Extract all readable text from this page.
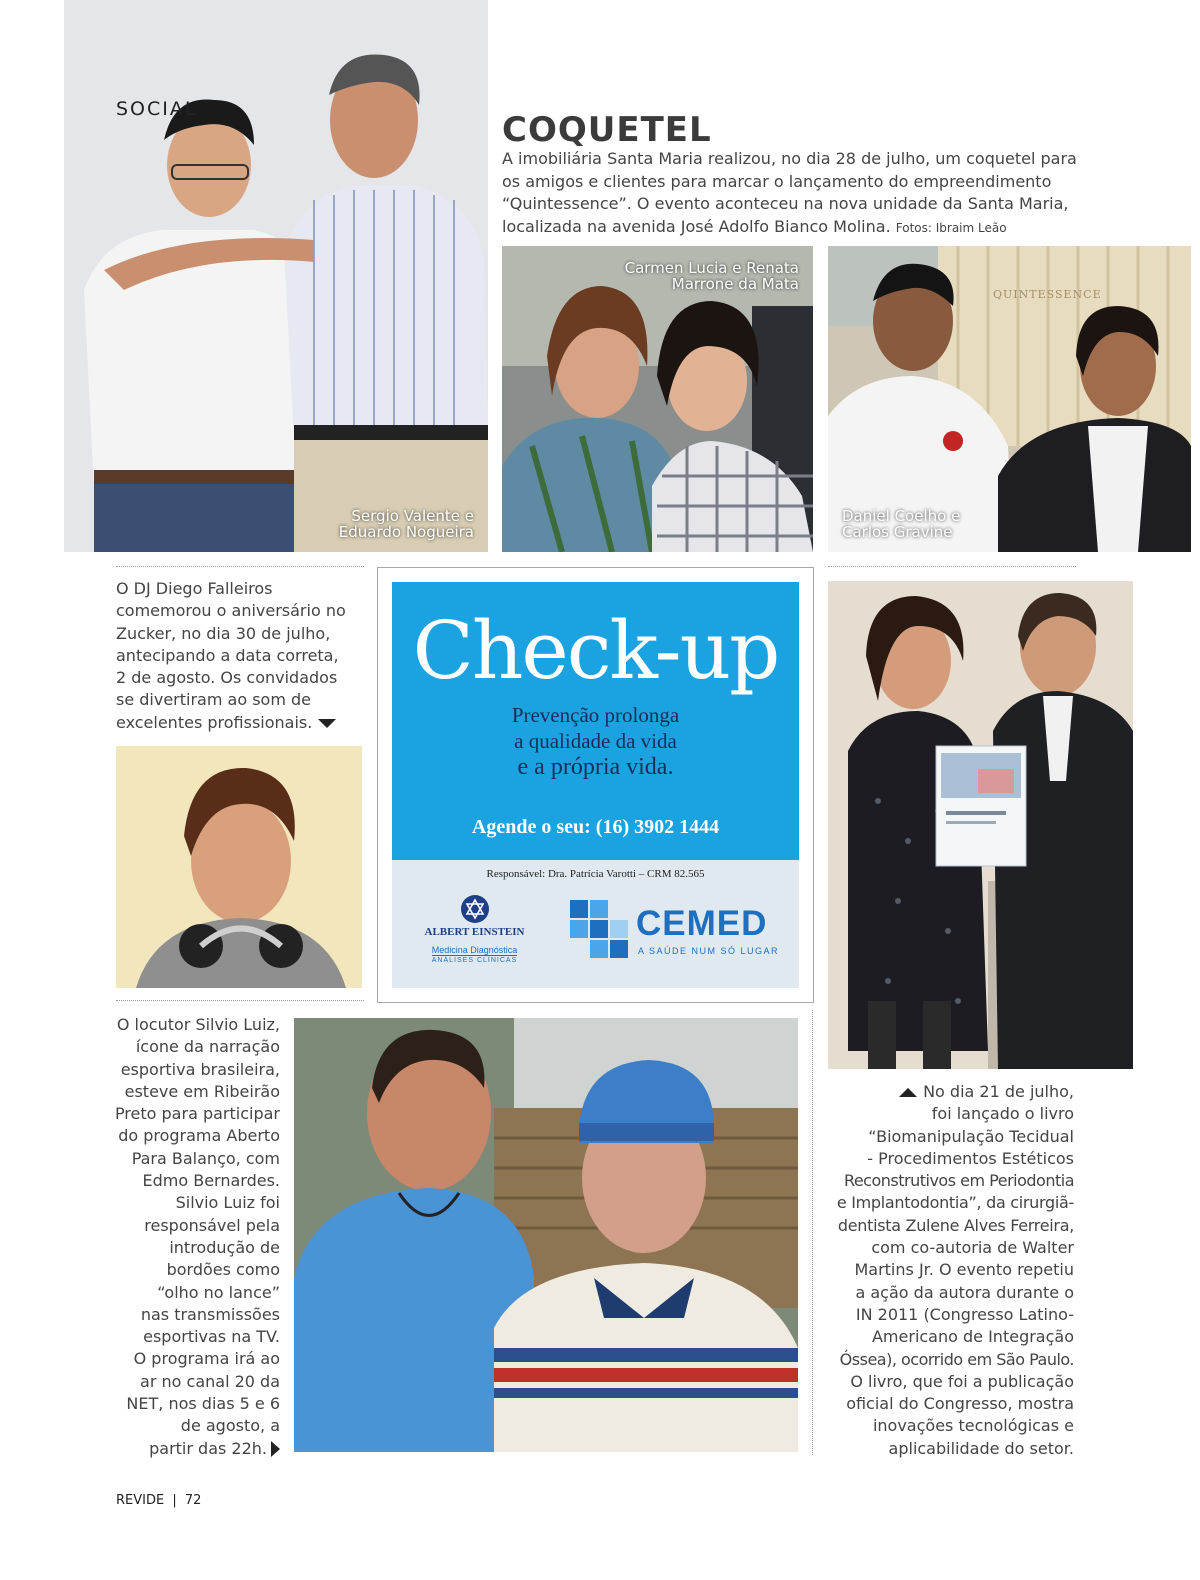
Sergio Valente e
Eduardo Nogueira
SOCIAL
COQUETEL
A imobiliária Santa Maria realizou, no dia 28 de julho, um coquetel para
os amigos e clientes para marcar o lançamento do empreendimento
“Quintessence”. O evento aconteceu na nova unidade da Santa Maria,
localizada na avenida José Adolfo Bianco Molina. Fotos: Ibraim Leão
Carmen Lucia e Renata
Marrone da Mata
QUINTESSENCE
Daniel Coelho e
Carlos Gravine
O DJ Diego Falleiros
comemorou o aniversário no
Zucker, no dia 30 de julho,
antecipando a data correta,
2 de agosto. Os convidados
se divertiram ao som de
excelentes profissionais.
Check-up
Prevenção prolonga
a qualidade da vida
e a própria vida.
Agende o seu: (16) 3902 1444
Responsável: Dra. Patrícia Varotti – CRM 82.565
ALBERT EINSTEIN
Medicina Diagnóstica
ANÁLISES CLÍNICAS
CEMED
A SAÚDE NUM SÓ LUGAR
No dia 21 de julho,
foi lançado o livro
“Biomanipulação Tecidual
- Procedimentos Estéticos
Reconstrutivos em Periodontia
e Implantodontia”, da cirurgiã-
dentista Zulene Alves Ferreira,
com co-autoria de Walter
Martins Jr. O evento repetiu
a ação da autora durante o
IN 2011 (Congresso Latino-
Americano de Integração
Óssea), ocorrido em São Paulo.
O livro, que foi a publicação
oficial do Congresso, mostra
inovações tecnológicas e
aplicabilidade do setor.
O locutor Silvio Luiz,
ícone da narração
esportiva brasileira,
esteve em Ribeirão
Preto para participar
do programa Aberto
Para Balanço, com
Edmo Bernardes.
Silvio Luiz foi
responsável pela
introdução de
bordões como
“olho no lance”
nas transmissões
esportivas na TV.
O programa irá ao
ar no canal 20 da
NET, nos dias 5 e 6
de agosto, a
partir das 22h.
REVIDE | 72
